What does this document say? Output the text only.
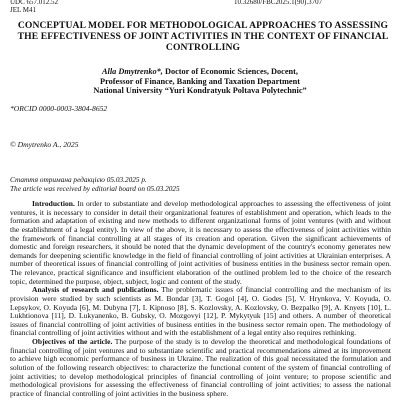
UDC 657.012.52
JEL M41
10.32680/FBC2025.1(90).3707
CONCEPTUAL MODEL FOR METHODOLOGICAL APPROACHES TO ASSESSING THE EFFECTIVENESS OF JOINT ACTIVITIES IN THE CONTEXT OF FINANCIAL CONTROLLING
Alla Dmytrenko*, Doctor of Economic Sciences, Docent,
Professor of Finance, Banking and Taxation Department
National University “Yuri Kondratyuk Poltava Polytechnic”
*ORCID 0000-0003-3804-8652
© Dmytrenko A., 2025
Стаття отримана редакцією 05.03.2025 р.
The article was received by editorial board on 05.03.2025

Introduction. In order to substantiate and develop methodological approaches to assessing the effectiveness of joint ventures, it is necessary to consider in detail their organizational features of establishment and operation, which leads to the formation and adaptation of existing and new methods to different organizational forms of joint ventures (with and without the establishment of a legal entity). In view of the above, it is necessary to assess the effectiveness of joint activities within the framework of financial controlling at all stages of its creation and operation. Given the significant achievements of domestic and foreign researchers, it should be noted that the dynamic development of the country's economy generates new demands for deepening scientific knowledge in the field of financial controlling of joint activities at Ukrainian enterprises. A number of theoretical issues of financial controlling of joint activities of business entities in the business sector remain open. The relevance, practical significance and insufficient elaboration of the outlined problem led to the choice of the research topic, determined the purpose, object, subject, logic and content of the study.

Analysis of research and publications. The problematic issues of financial controlling and the mechanism of its provision were studied by such scientists as M. Bondar [3], T. Gogol [4], O. Godes [5], V. Hrynkova, V. Koyuda, O. Lepsykov, O. Koyuda [6], M. Dubyna [7], I. Kipnoso [8], S. Kozlovsky, A. Kozlovsky, O. Bezpalko [9], A. Knyets [10], L. Lukhtionova [11], D. Lukyanenko, B. Gubsky, O. Mozgovyi [12], P. Mykytyuk [15] and others. A number of theoretical issues of financial controlling of joint activities of business entities in the business sector remain open. The methodology of financial controlling of joint activities without and with the establishment of a legal entity also requires rethinking.

Objectives of the article. The purpose of the study is to develop the theoretical and methodological foundations of financial controlling of joint ventures and to substantiate scientific and practical recommendations aimed at its improvement to achieve high economic performance of business in Ukraine. The realization of this goal necessitated the formulation and solution of the following research objectives: to characterize the functional content of the system of financial controlling of joint activities; to develop methodological principles of financial controlling of joint venture; to propose scientific and methodological provisions for assessing the effectiveness of financial controlling of joint activities; to assess the national practice of financial controlling of joint activities in the business sphere.
